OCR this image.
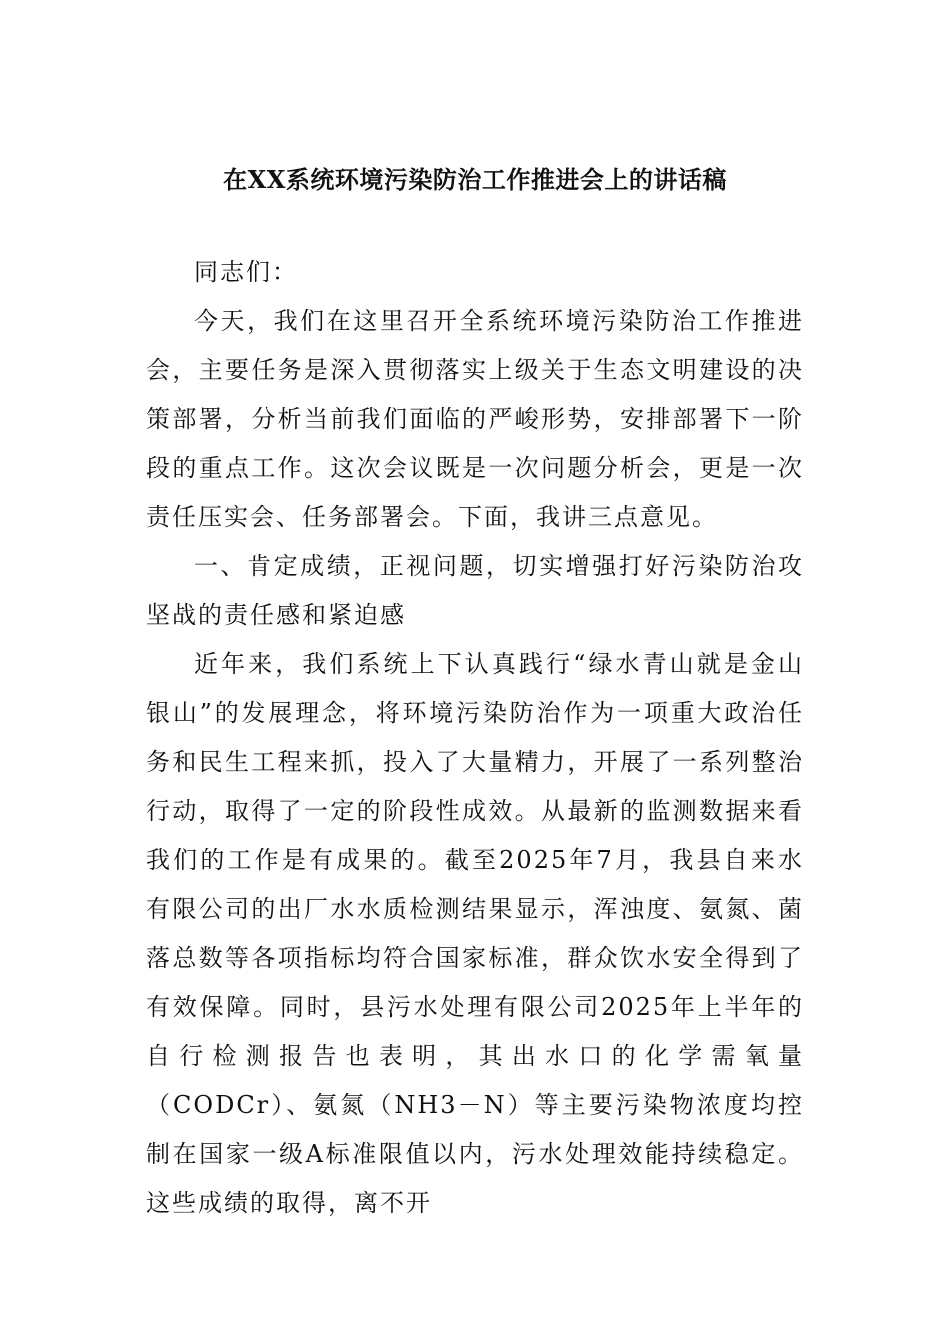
在XX系统环境污染防治工作推进会上的讲话稿

同志们：

今天，我们在这里召开全系统环境污染防治工作推进会，主要任务是深入贯彻落实上级关于生态文明建设的决策部署，分析当前我们面临的严峻形势，安排部署下一阶段的重点工作。这次会议既是一次问题分析会，更是一次责任压实会、任务部署会。下面，我讲三点意见。

一、肯定成绩，正视问题，切实增强打好污染防治攻坚战的责任感和紧迫感

近年来，我们系统上下认真践行“绿水青山就是金山银山”的发展理念，将环境污染防治作为一项重大政治任务和民生工程来抓，投入了大量精力，开展了一系列整治行动，取得了一定的阶段性成效。从最新的监测数据来看我们的工作是有成果的。截至2025年7月，我县自来水有限公司的出厂水水质检测结果显示，浑浊度、氨氮、菌落总数等各项指标均符合国家标准，群众饮水安全得到了有效保障。同时，县污水处理有限公司2025年上半年的自行检测报告也表明，其出水口的化学需氧量（CODCr）、氨氮（NH3－N）等主要污染物浓度均控制在国家一级A标准限值以内，污水处理效能持续稳定。这些成绩的取得，离不开
